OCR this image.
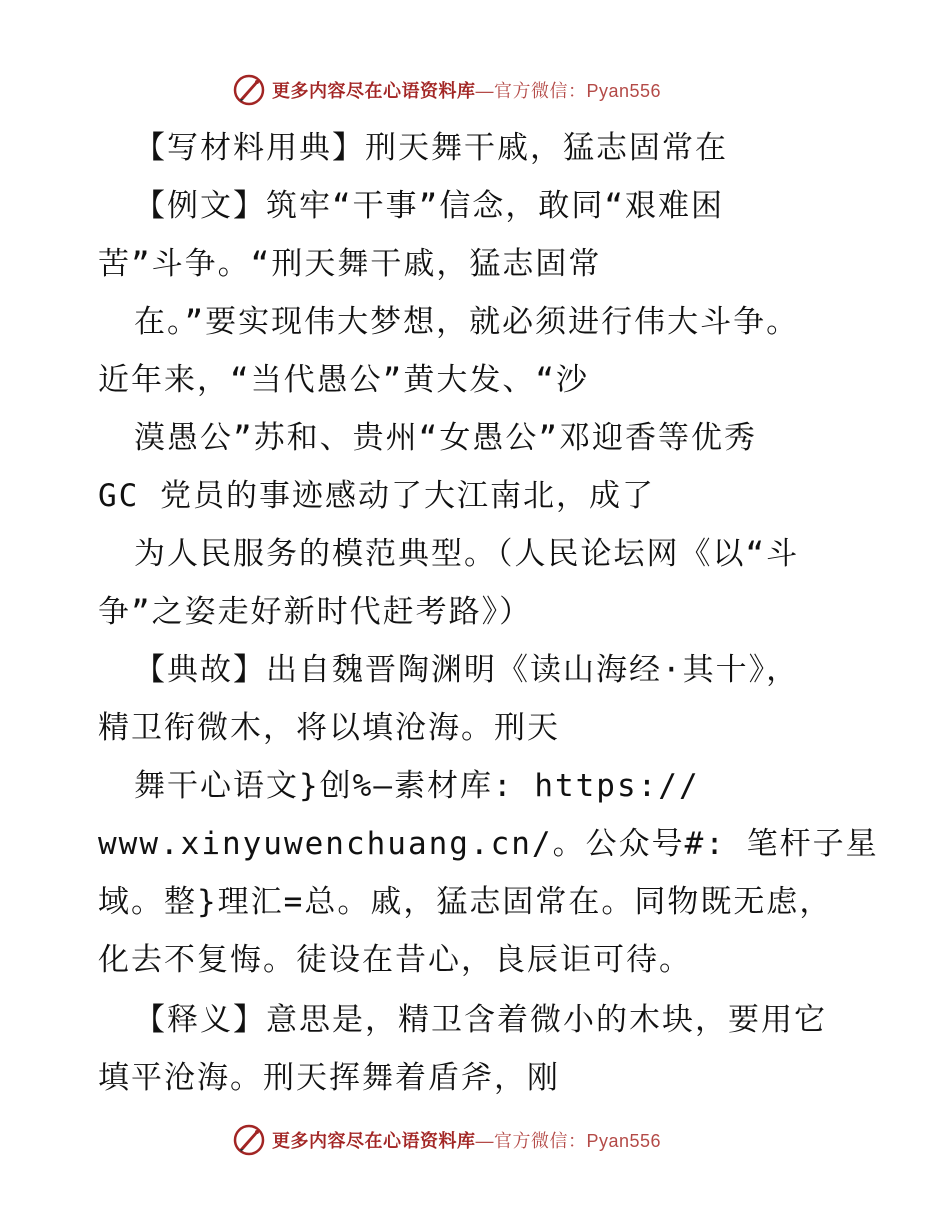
更多内容尽在心语资料库—官方微信：Pyan556
【写材料用典】刑天舞干戚，猛志固常在
【例文】筑牢“干事”信念，敢同“艰难困
苦”斗争。“刑天舞干戚，猛志固常
在。”要实现伟大梦想，就必须进行伟大斗争。
近年来，“当代愚公”黄大发、“沙
漠愚公”苏和、贵州“女愚公”邓迎香等优秀
GC 党员的事迹感动了大江南北，成了
为人民服务的模范典型。（人民论坛网《以“斗
争”之姿走好新时代赶考路》）
【典故】出自魏晋陶渊明《读山海经·其十》，
精卫衔微木，将以填沧海。刑天
舞干心语文}创%—素材库: https://
www.xinyuwenchuang.cn/。公众号#: 笔杆子星
域。整}理汇=总。戚，猛志固常在。同物既无虑，
化去不复悔。徒设在昔心，良辰讵可待。
【释义】意思是，精卫含着微小的木块，要用它
填平沧海。刑天挥舞着盾斧，刚
更多内容尽在心语资料库—官方微信：Pyan556
